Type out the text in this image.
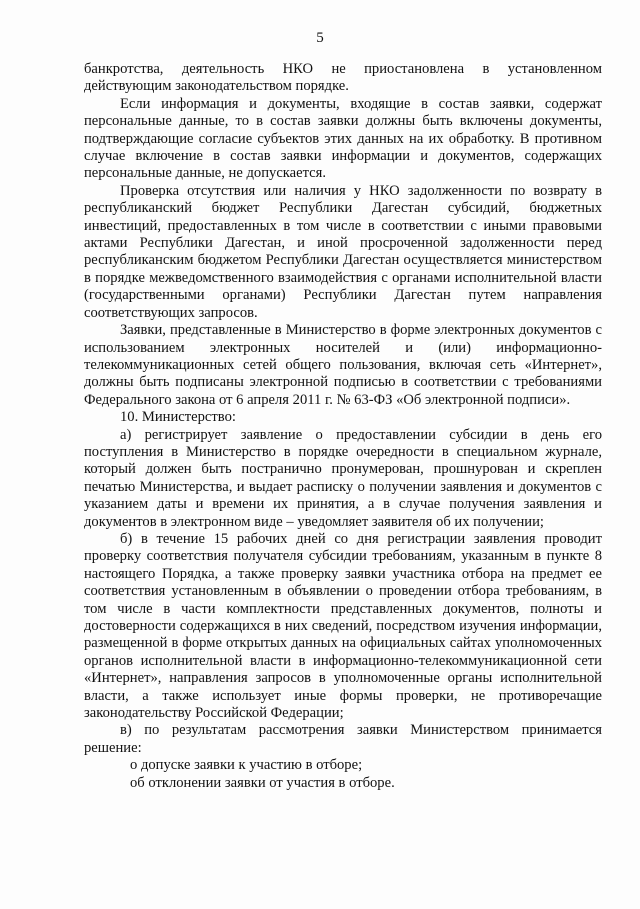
5

банкротства, деятельность НКО не приостановлена в установленном действующим законодательством порядке.

Если информация и документы, входящие в состав заявки, содержат персональные данные, то в состав заявки должны быть включены документы, подтверждающие согласие субъектов этих данных на их обработку. В противном случае включение в состав заявки информации и документов, содержащих персональные данные, не допускается.

Проверка отсутствия или наличия у НКО задолженности по возврату в республиканский бюджет Республики Дагестан субсидий, бюджетных инвестиций, предоставленных в том числе в соответствии с иными правовыми актами Республики Дагестан, и иной просроченной задолженности перед республиканским бюджетом Республики Дагестан осуществляется министерством в порядке межведомственного взаимодействия с органами исполнительной власти (государственными органами) Республики Дагестан путем направления соответствующих запросов.

Заявки, представленные в Министерство в форме электронных документов с использованием электронных носителей и (или) информационно-телекоммуникационных сетей общего пользования, включая сеть «Интернет», должны быть подписаны электронной подписью в соответствии с требованиями Федерального закона от 6 апреля 2011 г. № 63-ФЗ «Об электронной подписи».

10. Министерство:

а) регистрирует заявление о предоставлении субсидии в день его поступления в Министерство в порядке очередности в специальном журнале, который должен быть постранично пронумерован, прошнурован и скреплен печатью Министерства, и выдает расписку о получении заявления и документов с указанием даты и времени их принятия, а в случае получения заявления и документов в электронном виде – уведомляет заявителя об их получении;

б) в течение 15 рабочих дней со дня регистрации заявления проводит проверку соответствия получателя субсидии требованиям, указанным в пункте 8 настоящего Порядка, а также проверку заявки участника отбора на предмет ее соответствия установленным в объявлении о проведении отбора требованиям, в том числе в части комплектности представленных документов, полноты и достоверности содержащихся в них сведений, посредством изучения информации, размещенной в форме открытых данных на официальных сайтах уполномоченных органов исполнительной власти в информационно-телекоммуникационной сети «Интернет», направления запросов в уполномоченные органы исполнительной власти, а также использует иные формы проверки, не противоречащие законодательству Российской Федерации;

в) по результатам рассмотрения заявки Министерством принимается решение:

о допуске заявки к участию в отборе;

об отклонении заявки от участия в отборе.
